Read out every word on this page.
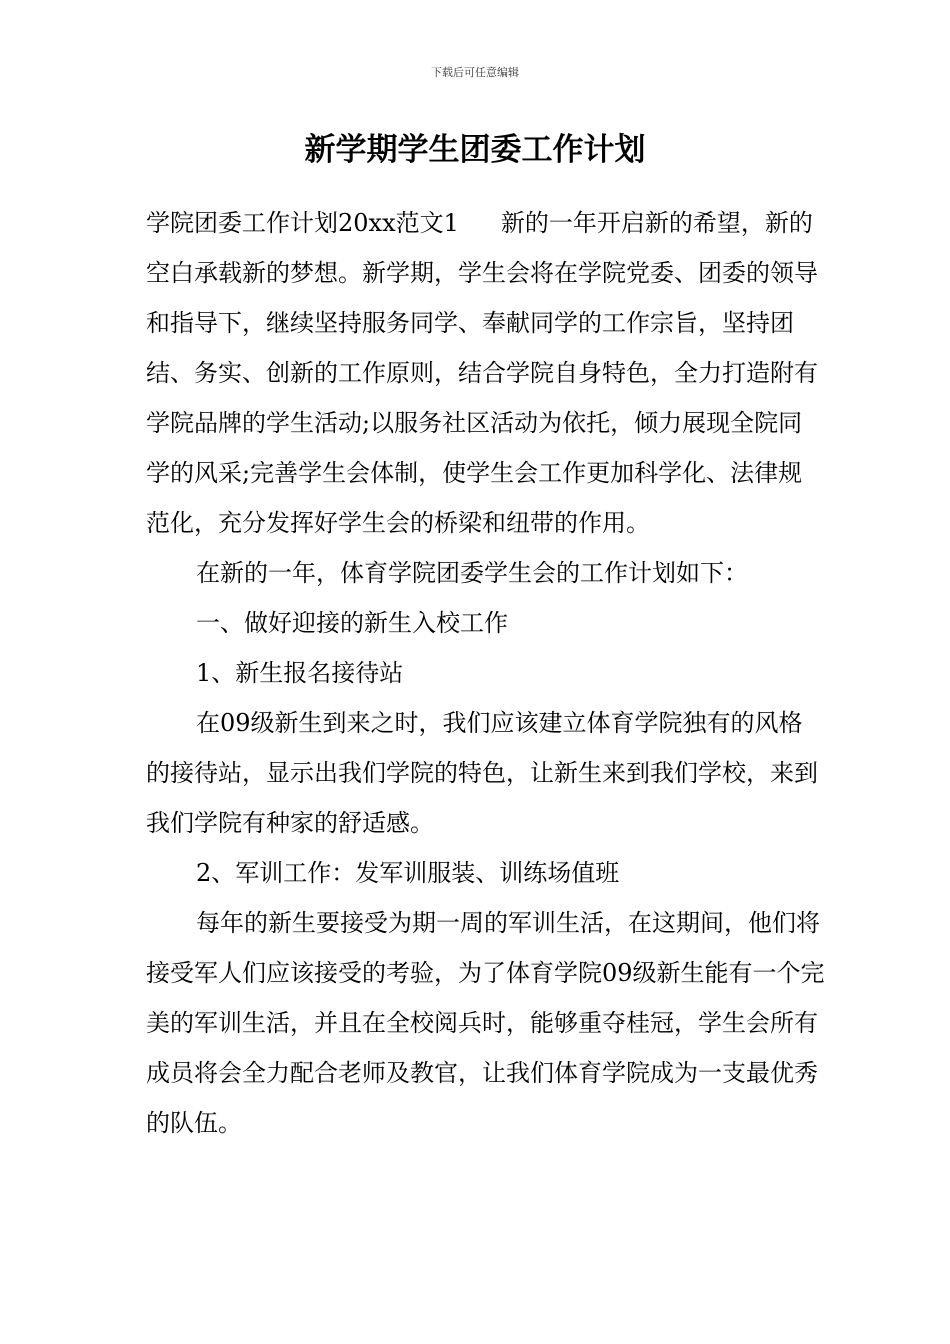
下载后可任意编辑
新学期学生团委工作计划

学院团委工作计划20xx范文1 新的一年开启新的希望，新的空白承载新的梦想。新学期，学生会将在学院党委、团委的领导和指导下，继续坚持服务同学、奉献同学的工作宗旨，坚持团结、务实、创新的工作原则，结合学院自身特色，全力打造附有学院品牌的学生活动;以服务社区活动为依托，倾力展现全院同学的风采;完善学生会体制，使学生会工作更加科学化、法律规范化，充分发挥好学生会的桥梁和纽带的作用。

在新的一年，体育学院团委学生会的工作计划如下：

一、做好迎接的新生入校工作

1、新生报名接待站

在09级新生到来之时，我们应该建立体育学院独有的风格的接待站，显示出我们学院的特色，让新生来到我们学校，来到我们学院有种家的舒适感。

2、军训工作：发军训服装、训练场值班

每年的新生要接受为期一周的军训生活，在这期间，他们将接受军人们应该接受的考验，为了体育学院09级新生能有一个完美的军训生活，并且在全校阅兵时，能够重夺桂冠，学生会所有成员将会全力配合老师及教官，让我们体育学院成为一支最优秀的队伍。
